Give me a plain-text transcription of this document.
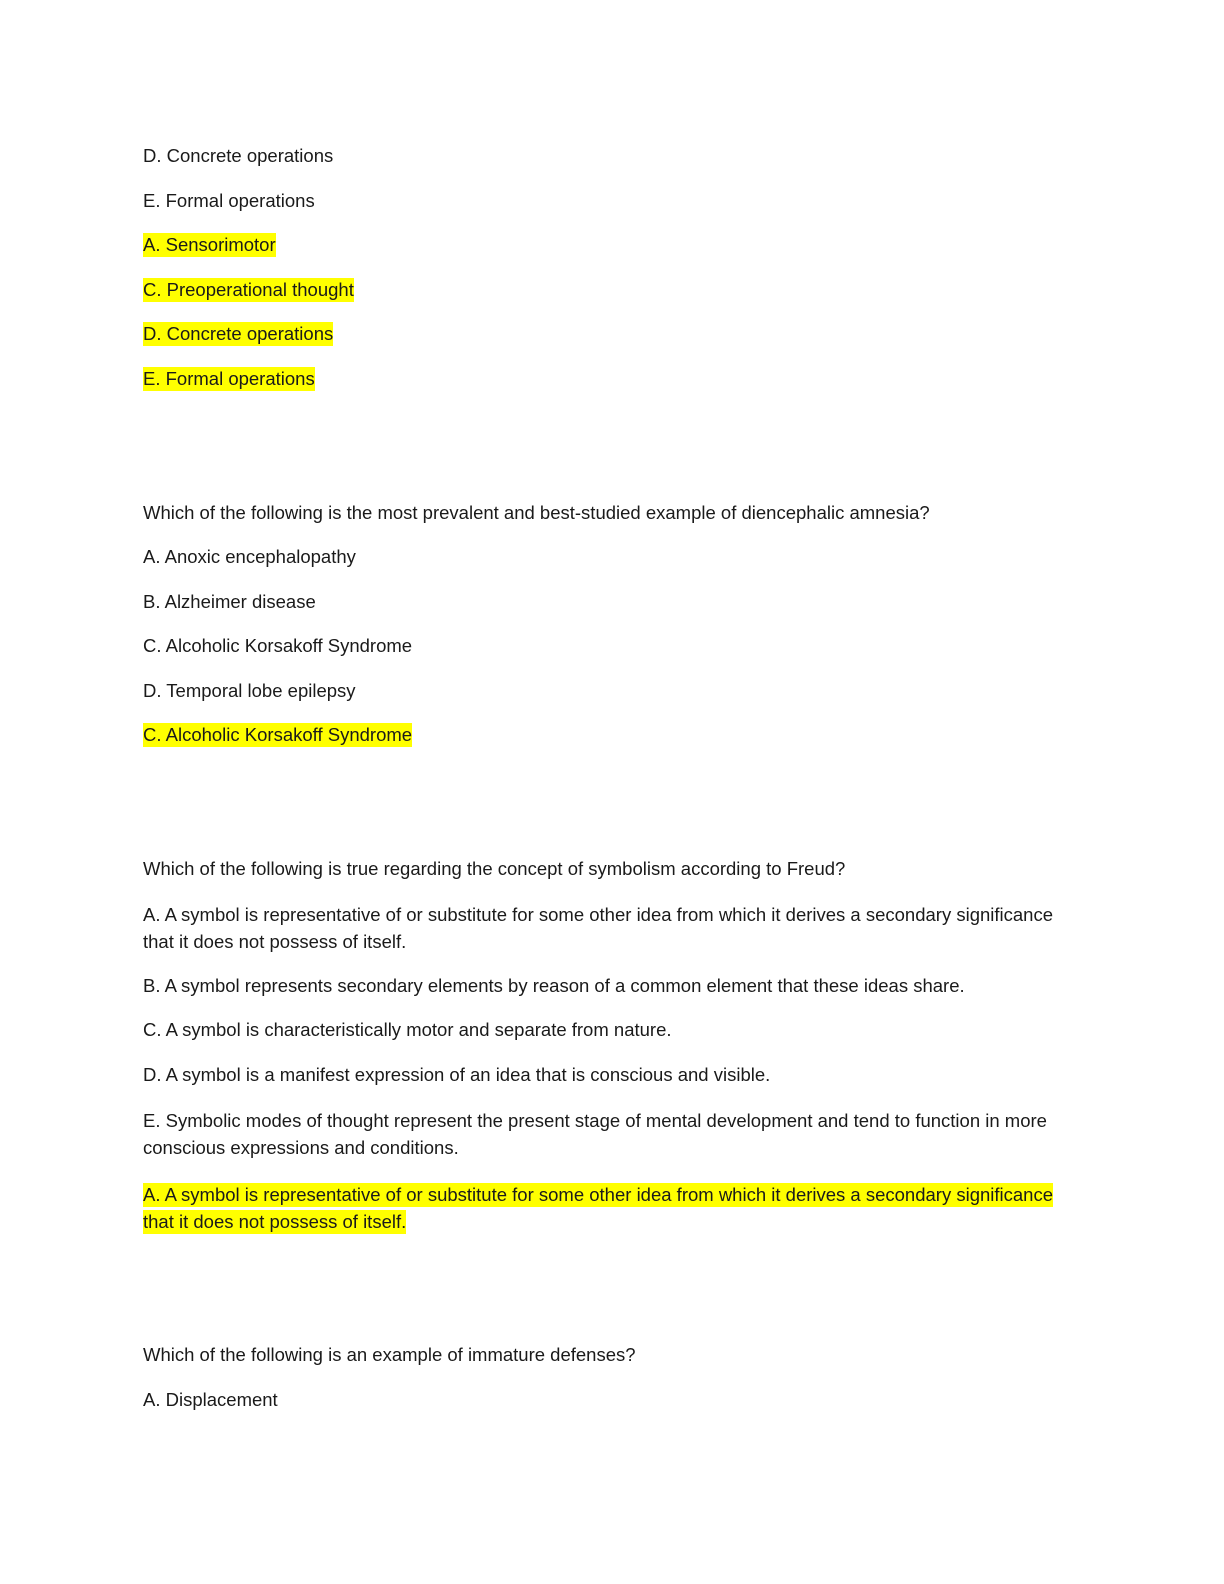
D. Concrete operations

E. Formal operations

A. Sensorimotor

C. Preoperational thought

D. Concrete operations

E. Formal operations

Which of the following is the most prevalent and best-studied example of diencephalic amnesia?

A. Anoxic encephalopathy

B. Alzheimer disease

C. Alcoholic Korsakoff Syndrome

D. Temporal lobe epilepsy

C. Alcoholic Korsakoff Syndrome

Which of the following is true regarding the concept of symbolism according to Freud?

A. A symbol is representative of or substitute for some other idea from which it derives a secondary significance that it does not possess of itself.

B. A symbol represents secondary elements by reason of a common element that these ideas share.

C. A symbol is characteristically motor and separate from nature.

D. A symbol is a manifest expression of an idea that is conscious and visible.

E. Symbolic modes of thought represent the present stage of mental development and tend to function in more conscious expressions and conditions.

A. A symbol is representative of or substitute for some other idea from which it derives a secondary significance that it does not possess of itself.

Which of the following is an example of immature defenses?

A. Displacement
